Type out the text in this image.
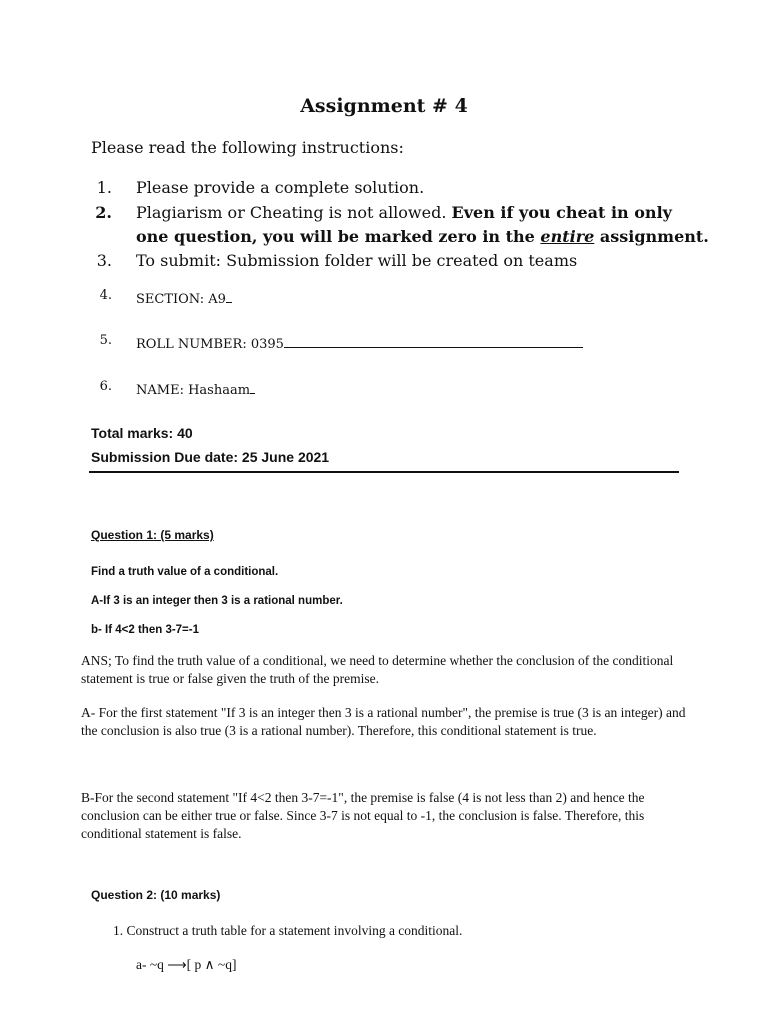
Assignment # 4
Please read the following instructions:
1. Please provide a complete solution.
2. Plagiarism or Cheating is not allowed. Even if you cheat in only
one question, you will be marked zero in the entire assignment.
3. To submit: Submission folder will be created on teams
4. SECTION: A9
5. ROLL NUMBER: 0395
6. NAME: Hashaam
Total marks: 40
Submission Due date: 25 June 2021
Question 1: (5 marks)
Find a truth value of a conditional.
A-If 3 is an integer then 3 is a rational number.
b- If 4<2 then 3-7=-1
ANS; To find the truth value of a conditional, we need to determine whether the conclusion of the conditional statement is true or false given the truth of the premise.
A- For the first statement "If 3 is an integer then 3 is a rational number", the premise is true (3 is an integer) and the conclusion is also true (3 is a rational number). Therefore, this conditional statement is true.
B-For the second statement "If 4<2 then 3-7=-1", the premise is false (4 is not less than 2) and hence the conclusion can be either true or false. Since 3-7 is not equal to -1, the conclusion is false. Therefore, this conditional statement is false.
Question 2: (10 marks)
1. Construct a truth table for a statement involving a conditional.
a- ~q ⟶[ p ∧ ~q]
